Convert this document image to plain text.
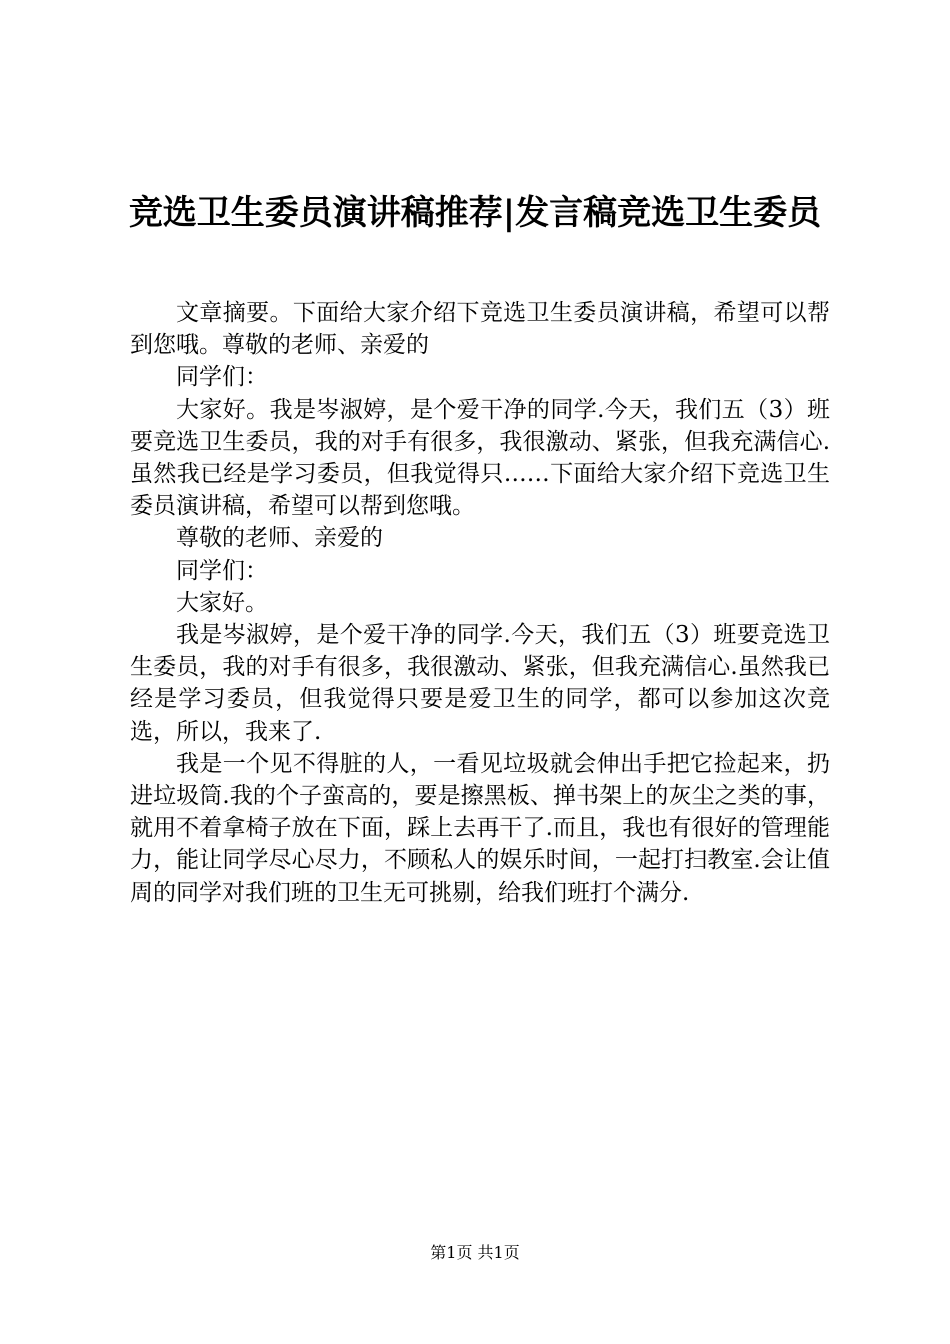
竞选卫生委员演讲稿推荐|发言稿竞选卫生委员

文章摘要。下面给大家介绍下竞选卫生委员演讲稿，希望可以帮到您哦。尊敬的老师、亲爱的

同学们：

大家好。我是岑淑婷，是个爱干净的同学.今天，我们五（3）班要竞选卫生委员，我的对手有很多，我很激动、紧张，但我充满信心.虽然我已经是学习委员，但我觉得只……下面给大家介绍下竞选卫生委员演讲稿，希望可以帮到您哦。

尊敬的老师、亲爱的

同学们：

大家好。

我是岑淑婷，是个爱干净的同学.今天，我们五（3）班要竞选卫生委员，我的对手有很多，我很激动、紧张，但我充满信心.虽然我已经是学习委员，但我觉得只要是爱卫生的同学，都可以参加这次竞选，所以，我来了.

我是一个见不得脏的人，一看见垃圾就会伸出手把它捡起来，扔进垃圾筒.我的个子蛮高的，要是擦黑板、掸书架上的灰尘之类的事，就用不着拿椅子放在下面，踩上去再干了.而且，我也有很好的管理能力，能让同学尽心尽力，不顾私人的娱乐时间，一起打扫教室.会让值周的同学对我们班的卫生无可挑剔，给我们班打个满分.

第1页 共1页
